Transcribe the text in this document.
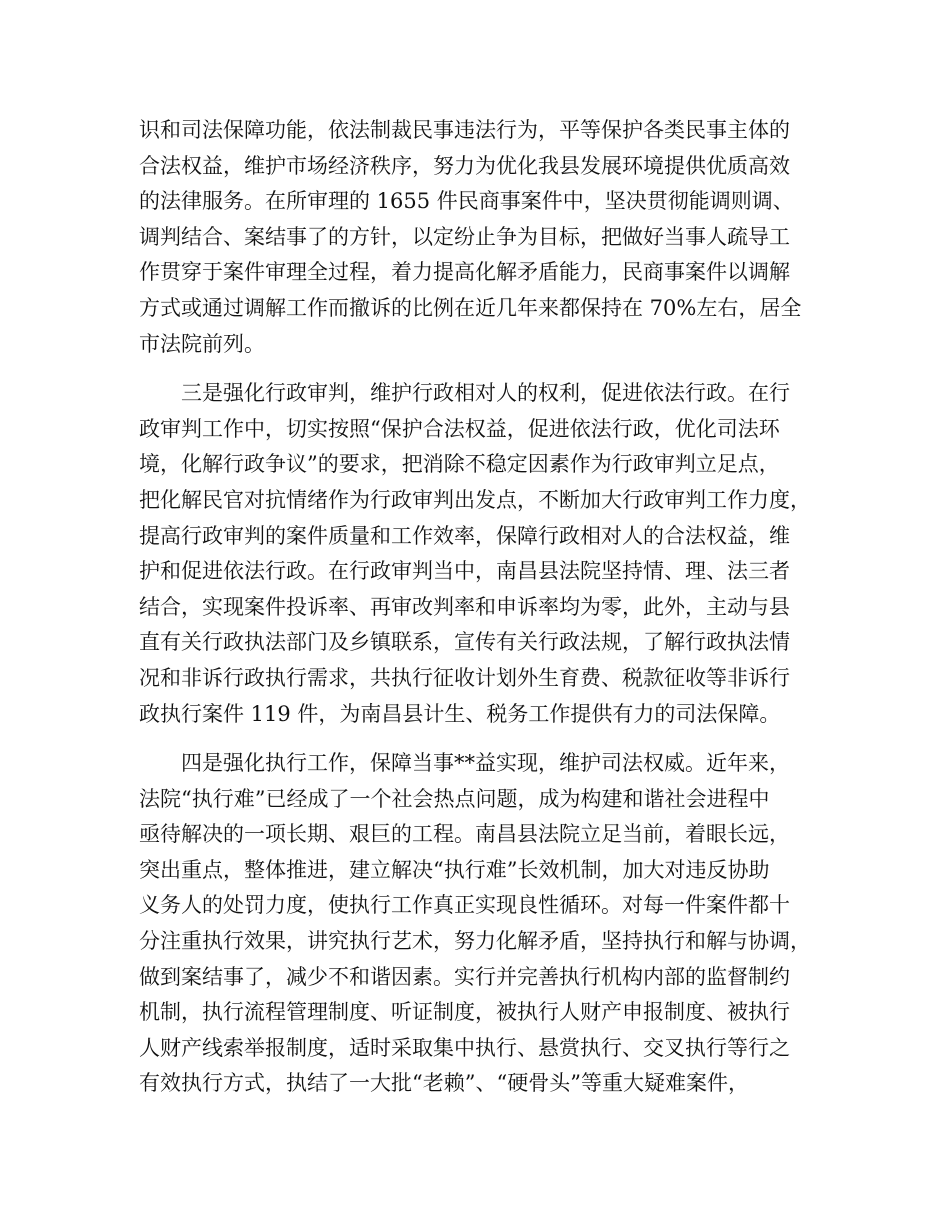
识和司法保障功能，依法制裁民事违法行为，平等保护各类民事主体的
合法权益，维护市场经济秩序，努力为优化我县发展环境提供优质高效
的法律服务。在所审理的 1655 件民商事案件中，坚决贯彻能调则调、
调判结合、案结事了的方针，以定纷止争为目标，把做好当事人疏导工
作贯穿于案件审理全过程，着力提高化解矛盾能力，民商事案件以调解
方式或通过调解工作而撤诉的比例在近几年来都保持在 70%左右，居全
市法院前列。

三是强化行政审判，维护行政相对人的权利，促进依法行政。在行
政审判工作中，切实按照“保护合法权益，促进依法行政，优化司法环
境，化解行政争议”的要求，把消除不稳定因素作为行政审判立足点，
把化解民官对抗情绪作为行政审判出发点，不断加大行政审判工作力度，
提高行政审判的案件质量和工作效率，保障行政相对人的合法权益，维
护和促进依法行政。在行政审判当中，南昌县法院坚持情、理、法三者
结合，实现案件投诉率、再审改判率和申诉率均为零，此外，主动与县
直有关行政执法部门及乡镇联系，宣传有关行政法规，了解行政执法情
况和非诉行政执行需求，共执行征收计划外生育费、税款征收等非诉行
政执行案件 119 件，为南昌县计生、税务工作提供有力的司法保障。

四是强化执行工作，保障当事**益实现，维护司法权威。近年来，
法院“执行难”已经成了一个社会热点问题，成为构建和谐社会进程中
亟待解决的一项长期、艰巨的工程。南昌县法院立足当前，着眼长远，
突出重点，整体推进，建立解决“执行难”长效机制，加大对违反协助
义务人的处罚力度，使执行工作真正实现良性循环。对每一件案件都十
分注重执行效果，讲究执行艺术，努力化解矛盾，坚持执行和解与协调，
做到案结事了，减少不和谐因素。实行并完善执行机构内部的监督制约
机制，执行流程管理制度、听证制度，被执行人财产申报制度、被执行
人财产线索举报制度，适时采取集中执行、悬赏执行、交叉执行等行之
有效执行方式，执结了一大批“老赖”、“硬骨头”等重大疑难案件，
